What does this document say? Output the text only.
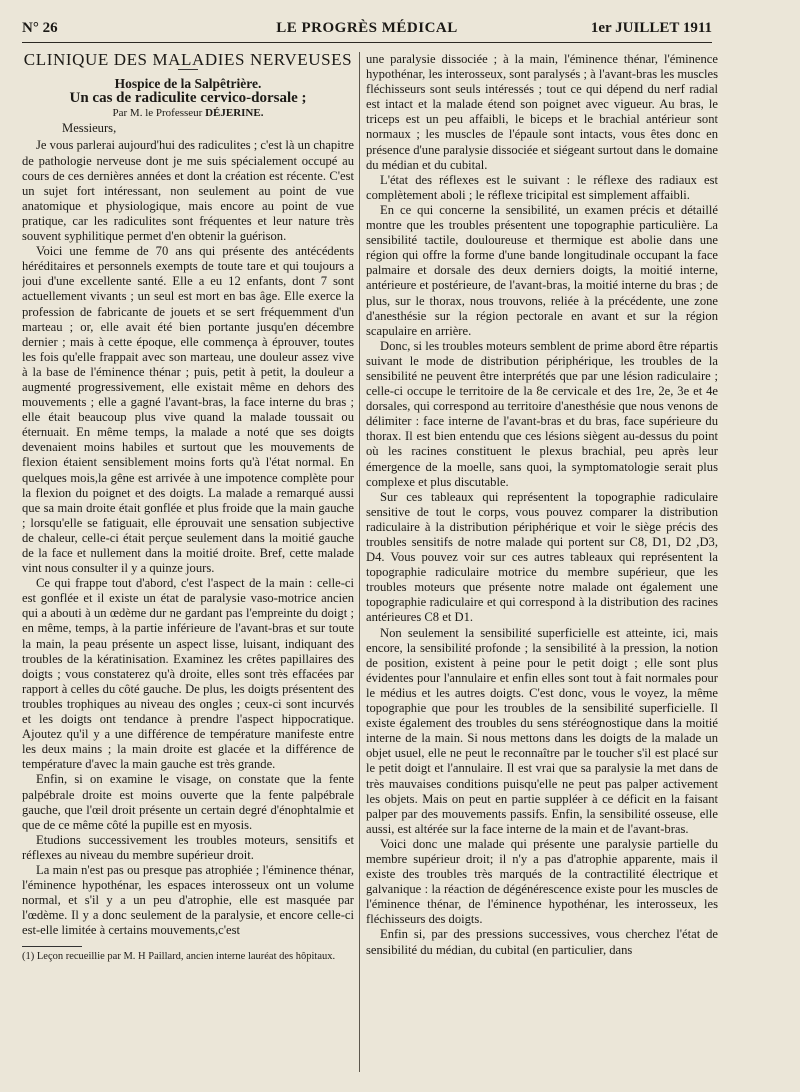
N° 26	LE PROGRÈS MÉDICAL	1er JUILLET 1911

CLINIQUE DES MALADIES NERVEUSES

Hospice de la Salpêtrière.

Un cas de radiculite cervico-dorsale ;

Par M. le Professeur DÉJERINE.

Messieurs,

Je vous parlerai aujourd'hui des radiculites ; c'est là un chapitre de pathologie nerveuse dont je me suis spécialement occupé au cours de ces dernières années et dont la création est récente. C'est un sujet fort intéressant, non seulement au point de vue anatomique et physiologique, mais encore au point de vue pratique, car les radiculites sont fréquentes et leur nature très souvent syphilitique permet d'en obtenir la guérison.

Voici une femme de 70 ans qui présente des antécédents héréditaires et personnels exempts de toute tare et qui toujours a joui d'une excellente santé. Elle a eu 12 enfants, dont 7 sont actuellement vivants ; un seul est mort en bas âge. Elle exerce la profession de fabricante de jouets et se sert fréquemment d'un marteau ; or, elle avait été bien portante jusqu'en décembre dernier ; mais à cette époque, elle commença à éprouver, toutes les fois qu'elle frappait avec son marteau, une douleur assez vive à la base de l'éminence thénar ; puis, petit à petit, la douleur a augmenté progressivement, elle existait même en dehors des mouvements ; elle a gagné l'avant-bras, la face interne du bras ; elle était beaucoup plus vive quand la malade toussait ou éternuait. En même temps, la malade a noté que ses doigts devenaient moins habiles et surtout que les mouvements de flexion étaient sensiblement moins forts qu'à l'état normal. En quelques mois,la gêne est arrivée à une impotence complète pour la flexion du poignet et des doigts. La malade a remarqué aussi que sa main droite était gonflée et plus froide que la main gauche ; lorsqu'elle se fatiguait, elle éprouvait une sensation subjective de chaleur, celle-ci était perçue seulement dans la moitié gauche de la face et nullement dans la moitié droite. Bref, cette malade vint nous consulter il y a quinze jours.

Ce qui frappe tout d'abord, c'est l'aspect de la main : celle-ci est gonflée et il existe un état de paralysie vaso-motrice ancien qui a abouti à un œdème dur ne gardant pas l'empreinte du doigt ; en même, temps, à la partie inférieure de l'avant-bras et sur toute la main, la peau présente un aspect lisse, luisant, indiquant des troubles de la kératinisation. Examinez les crêtes papillaires des doigts ; vous constaterez qu'à droite, elles sont très effacées par rapport à celles du côté gauche. De plus, les doigts présentent des troubles trophiques au niveau des ongles ; ceux-ci sont incurvés et les doigts ont tendance à prendre l'aspect hippocratique. Ajoutez qu'il y a une différence de température manifeste entre les deux mains ; la main droite est glacée et la différence de température d'avec la main gauche est très grande.

Enfin, si on examine le visage, on constate que la fente palpébrale droite est moins ouverte que la fente palpébrale gauche, que l'œil droit présente un certain degré d'énophtalmie et que de ce même côté la pupille est en myosis.

Etudions successivement les troubles moteurs, sensitifs et réflexes au niveau du membre supérieur droit.

La main n'est pas ou presque pas atrophiée ; l'éminence thénar, l'éminence hypothénar, les espaces interosseux ont un volume normal, et s'il y a un peu d'atrophie, elle est masquée par l'œdème. Il y a donc seulement de la paralysie, et encore celle-ci est-elle limitée à certains mouvements,c'est

(1) Leçon recueillie par M. H Paillard, ancien interne lauréat des hôpitaux.

une paralysie dissociée ; à la main, l'éminence thénar, l'éminence hypothénar, les interosseux, sont paralysés ; à l'avant-bras les muscles fléchisseurs sont seuls intéressés ; tout ce qui dépend du nerf radial est intact et la malade étend son poignet avec vigueur. Au bras, le triceps est un peu affaibli, le biceps et le brachial antérieur sont normaux ; les muscles de l'épaule sont intacts, vous êtes donc en présence d'une paralysie dissociée et siégeant surtout dans le domaine du médian et du cubital.

L'état des réflexes est le suivant : le réflexe des radiaux est complètement aboli ; le réflexe tricipital est simplement affaibli.

En ce qui concerne la sensibilité, un examen précis et détaillé montre que les troubles présentent une topographie particulière. La sensibilité tactile, douloureuse et thermique est abolie dans une région qui offre la forme d'une bande longitudinale occupant la face palmaire et dorsale des deux derniers doigts, la moitié interne, antérieure et postérieure, de l'avant-bras, la moitié interne du bras ; de plus, sur le thorax, nous trouvons, reliée à la précédente, une zone d'anesthésie sur la région pectorale en avant et sur la région scapulaire en arrière.

Donc, si les troubles moteurs semblent de prime abord être répartis suivant le mode de distribution périphérique, les troubles de la sensibilité ne peuvent être interprétés que par une lésion radiculaire ; celle-ci occupe le territoire de la 8e cervicale et des 1re, 2e, 3e et 4e dorsales, qui correspond au territoire d'anesthésie que nous venons de délimiter : face interne de l'avant-bras et du bras, face supérieure du thorax. Il est bien entendu que ces lésions siègent au-dessus du point où les racines constituent le plexus brachial, peu après leur émergence de la moelle, sans quoi, la symptomatologie serait plus complexe et plus discutable.

Sur ces tableaux qui représentent la topographie radiculaire sensitive de tout le corps, vous pouvez comparer la distribution radiculaire à la distribution périphérique et voir le siège précis des troubles sensitifs de notre malade qui portent sur C8, D1, D2 ,D3, D4. Vous pouvez voir sur ces autres tableaux qui représentent la topographie radiculaire motrice du membre supérieur, que les troubles moteurs que présente notre malade ont également une topographie radiculaire et qui correspond à la distribution des racines antérieures C8 et D1.

Non seulement la sensibilité superficielle est atteinte, ici, mais encore, la sensibilité profonde ; la sensibilité à la pression, la notion de position, existent à peine pour le petit doigt ; elle sont plus évidentes pour l'annulaire et enfin elles sont tout à fait normales pour le médius et les autres doigts. C'est donc, vous le voyez, la même topographie que pour les troubles de la sensibilité superficielle. Il existe également des troubles du sens stéréognostique dans la moitié interne de la main. Si nous mettons dans les doigts de la malade un objet usuel, elle ne peut le reconnaître par le toucher s'il est placé sur le petit doigt et l'annulaire. Il est vrai que sa paralysie la met dans de très mauvaises conditions puisqu'elle ne peut pas palper activement les objets. Mais on peut en partie suppléer à ce déficit en la faisant palper par des mouvements passifs. Enfin, la sensibilité osseuse, elle aussi, est altérée sur la face interne de la main et de l'avant-bras.

Voici donc une malade qui présente une paralysie partielle du membre supérieur droit; il n'y a pas d'atrophie apparente, mais il existe des troubles très marqués de la contractilité électrique et galvanique : la réaction de dégénérescence existe pour les muscles de l'éminence thénar, de l'éminence hypothénar, les interosseux, les fléchisseurs des doigts.

Enfin si, par des pressions successives, vous cherchez l'état de sensibilité du médian, du cubital (en particulier, dans
